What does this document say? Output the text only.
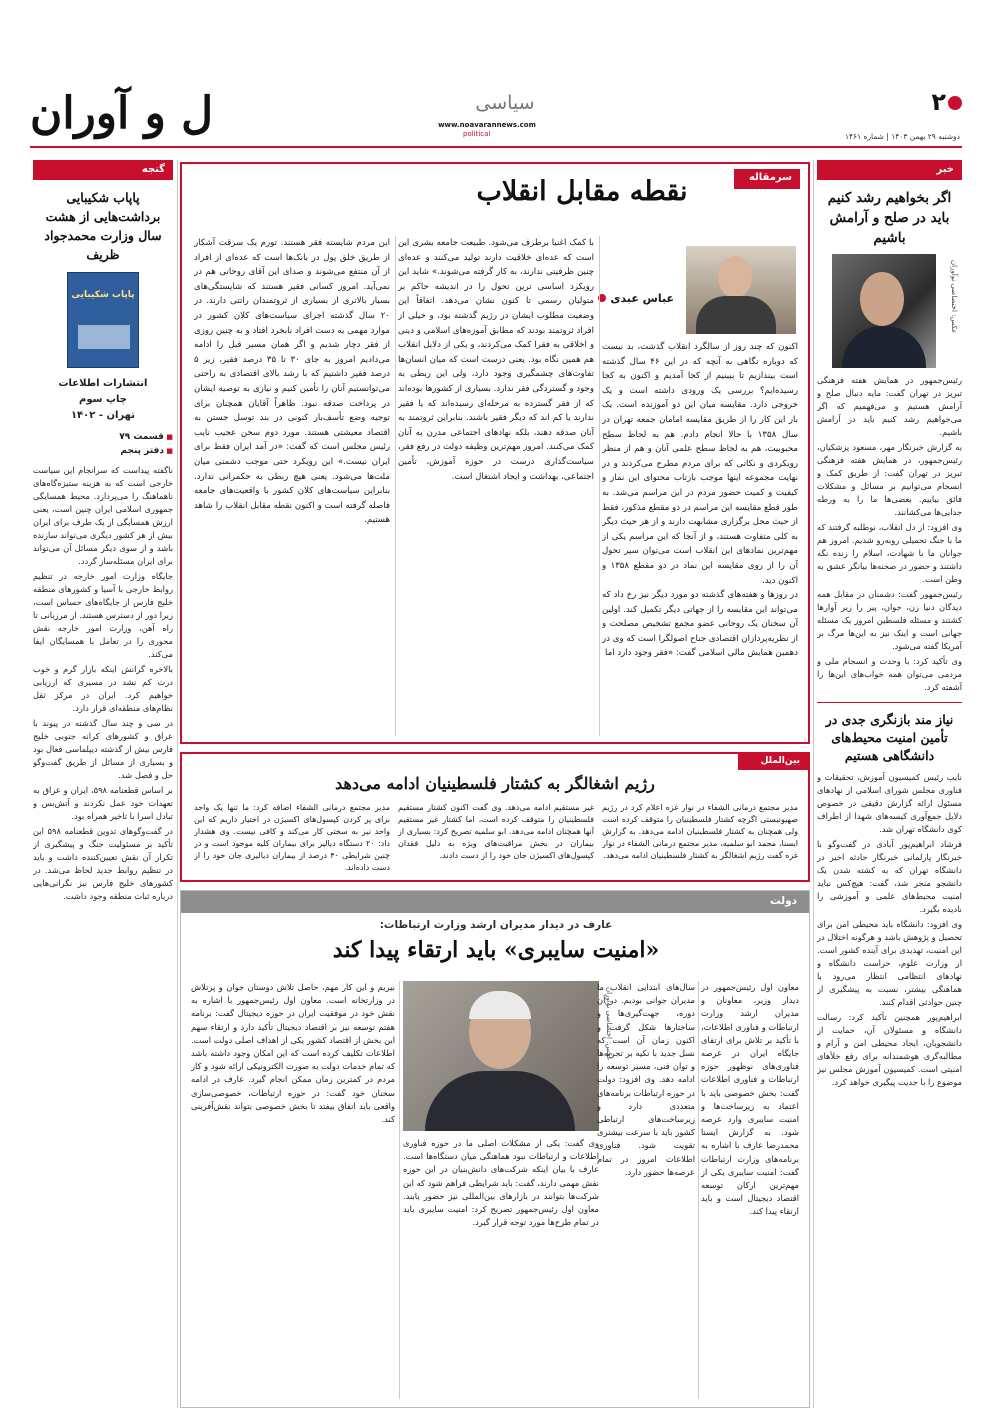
ل و آوران	سیاسی
www.noavarannews.com
political
۲
دوشنبه ۲۹ بهمن ۱۴۰۳ | شماره ۱۴۶۱
خبر
اگر بخواهیم رشد کنیم باید در صلح و آرامش باشیم
عکس: اختصاصی نوآوران

رئیس‌جمهور در همایش هفته فرهنگی تبریز در تهران گفت: مایه دنبال صلح و آرامش هستیم و می‌فهمیم که اگر می‌خواهیم رشد کنیم باید در آرامش باشیم.

به گزارش خبرنگار مهر، مسعود پزشکیان، رئیس‌جمهور، در همایش هفته فرهنگی تبریز در تهران گفت: از طریق کمک و انسجام می‌توانیم بر مسائل و مشکلات فائق بیاییم. بعضی‌ها ما را به ورطه جدایی‌ها می‌کشانند.

وی افزود: از دل انقلاب، نوطلبه گرفتند که ما با جنگ تحمیلی روبه‌رو شدیم. امروز هم جوانان ما با شهادت، اسلام را زنده نگه داشتند و حضور در صحنه‌ها بیانگر عشق به وطن است.

رئیس‌جمهور گفت: دشمنان در مقابل همه دیدگان دنیا زن، جوان، پیر را زیر آوارها کشتند و مسئله فلسطین امروز یک مسئله جهانی است و اینک نیز به این‌ها مرگ بر آمریکا گفته می‌شود.

وی تأکید کرد: با وحدت و انسجام ملی و مردمی می‌توان همه خواب‌های این‌ها را آشفته کرد.

نیاز مند بازنگری جدی در تأمین امنیت محیط‌های دانشگاهی هستیم

نایب رئیس کمیسیون آموزش، تحقیقات و فناوری مجلس شورای اسلامی از نهادهای مسئول ارائه گزارش دقیقی در خصوص دلایل جمع‌آوری کیسه‌های شهدا از اطراف کوی دانشگاه تهران شد.

فرشاد ابراهیم‌پور آبادی در گفت‌وگو با خبرنگار پارلمانی خبرنگار حادثه اخیر در دانشگاه تهران که به کشته شدن یک دانشجو منجر شد، گفت: هیچ‌کس نباید امنیت محیط‌های علمی و آموزشی را نادیده بگیرد.

وی افزود: دانشگاه باید محیطی امن برای تحصیل و پژوهش باشد و هرگونه اختلال در این امنیت، تهدیدی برای آینده کشور است. از وزارت علوم، حراست دانشگاه و نهادهای انتظامی انتظار می‌رود با هماهنگی بیشتر، نسبت به پیشگیری از چنین حوادثی اقدام کنند.

ابراهیم‌پور همچنین تأکید کرد: رسالت دانشگاه و مسئولان آن، حمایت از دانشجویان، ایجاد محیطی امن و آرام و مطالبه‌گری هوشمندانه برای رفع خلأهای امنیتی است. کمیسیون آموزش مجلس نیز موضوع را با جدیت پیگیری خواهد کرد.

گنجه
پاپاب شکیبایی برداشت‌هایی از هشت سال وزارت محمدجواد ظریف
پاپاب شکیبایی
انتشارات اطلاعات
چاپ سوم
تهران - ۱۴۰۲
■ قسمت ۷۹
■ دفتر پنجم

ناگفته پیداست که سرانجام این سیاست خارجی است که به هزینه ستیزه‌گاه‌های ناهماهنگ را می‌پردازد. محیط همسایگی جمهوری اسلامی ایران چنین است، یعنی ارزش همسایگی از یک طرف برای ایران بیش از هر کشور دیگری می‌تواند سازنده باشد و از سوی دیگر مسائل آن می‌تواند برای ایران مسئله‌ساز گردد.

جایگاه وزارت امور خارجه در تنظیم روابط خارجی با آسیا و کشورهای منطقه خلیج فارس از جایگاه‌های حساس است، زیرا دور از دسترس هستند. از مرزبانی تا راه آهن، وزارت امور خارجه نقش محوری را در تعامل با همسایگان ایفا می‌کند.

بالاخره گرانش اینکه بازار گرم و خوب درت کم نشد در مسیری که ارزیابی خواهیم کرد. ایران در مرکز ثقل نظام‌های منطقه‌ای قرار دارد.

در سی و چند سال گذشته در پیوند با عراق و کشورهای کرانه جنوبی خلیج فارس بیش از گذشته دیپلماسی فعال بود و بسیاری از مسائل از طریق گفت‌وگو حل و فصل شد.

بر اساس قطعنامه ۵۹۸، ایران و عراق به تعهدات خود عمل نکردند و آتش‌بس و تبادل اسرا با تاخیر همراه بود.

در گفت‌وگوهای تدوین قطعنامه ۵۹۸ این تأکید بر مسئولیت جنگ و پیشگیری از تکرار آن نقش تعیین‌کننده داشت و باید در تنظیم روابط جدید لحاظ می‌شد. در کشورهای خلیج فارس نیز نگرانی‌هایی درباره ثبات منطقه وجود داشت.

سرمقاله
نقطه مقابل انقلاب
عباس عبدی
اکنون که چند روز از سالگرد انقلاب گذشت، بد نیست که دوباره نگاهی به آنچه که در این ۴۶ سال گذشته است بیندازیم تا ببینیم از کجا آمدیم و اکنون به کجا رسیده‌ایم؟ بررسی یک ورودی داشته است و یک خروجی دارد. مقایسه میان این دو آموزنده است. یک بار این کار را از طریق مقایسه امامان جمعه تهران در سال ۱۳۵۸ با حالا انجام دادم. هم به لحاظ سطح محبوبیت، هم به لحاظ سطح علمی آنان و هم از منظر رویکردی و نکاتی که برای مردم مطرح می‌کردند و در نهایت مجموعه اینها موجب بازتاب محتوای این نماز و کیفیت و کمیت حضور مردم در این مراسم می‌شد. به طور قطع مقایسه این مراسم در دو مقطع مذکور، فقط از حیث محل برگزاری مشابهت دارند و از هر حیث دیگر به کلی متفاوت هستند، و از آنجا که این مراسم یکی از مهم‌ترین نمادهای این انقلاب است می‌توان سیر تحول آن را از روی مقایسه این نماد در دو مقطع ۱۳۵۸ و اکنون دید.
در روزها و هفته‌های گذشته دو مورد دیگر نیز رخ داد که می‌تواند این مقایسه را از جهاتی دیگر تکمیل کند. اولین آن سخنان یک روحانی عضو مجمع تشخیص مصلحت و از نظریه‌پردازان اقتصادی جناح اصولگرا است که وی در دهمین همایش مالی اسلامی گفت: «فقر وجود دارد اما
با کمک اغنیا برطرف می‌شود. طبیعت جامعه بشری این است که عده‌ای خلاقیت دارند تولید می‌کنند و عده‌ای چنین ظرفیتی ندارند، به کار گرفته می‌شوند.» شاید این رویکرد اساسی ترین تحول را در اندیشه حاکم بر متولیان رسمی تا کنون نشان می‌دهد. اتفاقاً این وضعیت مطلوب ایشان در رژیم گذشته بود، و خیلی از افراد ثروتمند بودند که مطابق آموزه‌های اسلامی و دینی و اخلاقی به فقرا کمک می‌کردند، و یکی از دلایل انقلاب هم همین نگاه بود. یعنی درست است که میان انسان‌ها تفاوت‌های چشمگیری وجود دارد، ولی این ربطی به وجود و گستردگی فقر ندارد. بسیاری از کشورها بوده‌اند که از فقر گسترده به مرحله‌ای رسیده‌اند که یا فقیر ندارند یا کم اند که دیگر فقیر باشند. بنابراین ثروتمند به آنان صدقه دهند، بلکه نهادهای اجتماعی مدرن به آنان کمک می‌کنند. امروز مهم‌ترین وظیفه دولت در رفع فقر، سیاست‌گذاری درست در حوزه آموزش، تأمین اجتماعی، بهداشت و ایجاد اشتغال است.
این مردم شایسته فقر هستند. تورم یک سرقت آشکار از طریق خلق پول در بانک‌ها است که عده‌ای از افراد از آن منتفع می‌شوند و صدای این آقای روحانی هم در نمی‌آید. امروز کسانی فقیر هستند که شایستگی‌های بسیار بالاتری از بسیاری از ثروتمندان راتتی دارند. در ۲۰ سال گذشته اجرای سیاست‌های کلان کشور در موارد مهمی به دست افراد نابخرد افتاد و به چنین روزی از فقر دچار شدیم و اگر همان مسیر قبل را ادامه می‌دادیم امروز به جای ۳۰ تا ۳۵ درصد فقیر، زیر ۵ درصد فقیر داشتیم که با رشد بالای اقتصادی به راحتی می‌توانستیم آنان را تأمین کنیم و نیازی به توصیه ایشان در پرداخت صدقه نبود. ظاهراً آقایان همچنان برای توجیه وضع تأسف‌بار کنونی در بند توسل جستن به اقتصاد معیشتی هستند. مورد دوم سخن عجیب نایب رئیس مجلس است که گفت: «در آمد ایران فقط برای ایران نیست.» این رویکرد حتی موجب دشمنی میان ملت‌ها می‌شود. یعنی هیچ ربطی به حکمرانی ندارد. بنابراین سیاست‌های کلان کشور با واقعیت‌های جامعه فاصله گرفته است و اکنون نقطه مقابل انقلاب را شاهد هستیم.
بین‌الملل
رژیم اشغالگر به کشتار فلسطینیان ادامه می‌دهد
مدیر مجتمع درمانی الشفاء در نوار غزه اعلام کرد در رژیم صهیونیستی اگرچه کشتار فلسطینیان را متوقف کرده است ولی همچنان به کشتار فلسطینیان ادامه می‌دهد. به گزارش ایسنا، محمد ابو سلمیه، مدیر مجتمع درمانی الشفاء در نوار غزه گفت رژیم اشغالگر به کشتار فلسطینیان ادامه می‌دهد.
غیر مستقیم ادامه می‌دهد. وی گفت اکنون کشتار مستقیم فلسطینیان را متوقف کرده است، اما کشتار غیر مستقیم آنها همچنان ادامه می‌دهد. ابو سلمیه تصریح کرد: بسیاری از بیماران در بخش مراقبت‌های ویژه به دلیل فقدان کپسول‌های اکسیژن جان خود را از دست دادند.
مدیر مجتمع درمانی الشفاء اضافه کرد: ما تنها یک واحد برای پر کردن کپسول‌های اکسیژن در اختیار داریم که این واحد نیز به سختی کار می‌کند و کافی نیست. وی هشدار داد: ۲۰ دستگاه دیالیز برای بیماران کلیه موجود است و در چنین شرایطی ۴۰ درصد از بیماران دیالیزی جان خود را از دست داده‌اند.
دولت
عارف در دیدار مدیران ارشد وزارت ارتباطات:
«امنیت سایبری» باید ارتقاء پیدا کند
عکس: اختصاصی نوآوران	معاون اول رئیس‌جمهور در دیدار وزیر، معاونان و مدیران ارشد وزارت ارتباطات و فناوری اطلاعات، با تأکید بر تلاش برای ارتقای جایگاه ایران در عرصه فناوری‌های نوظهور حوزه ارتباطات و فناوری اطلاعات گفت: بخش خصوصی باید با اعتماد به زیرساخت‌ها و امنیت سایبری وارد عرصه شود. به گزارش ایسنا محمدرضا عارف با اشاره به برنامه‌های وزارت ارتباطات گفت: امنیت سایبری یکی از مهم‌ترین ارکان توسعه اقتصاد دیجیتال است و باید ارتقاء پیدا کند.
سال‌های ابتدایی انقلاب ما مدیران جوانی بودیم. در آن دوره، جهت‌گیری‌ها و ساختارها شکل گرفت و اکنون زمان آن است که نسل جدید با تکیه بر تجربه‌ها و توان فنی، مسیر توسعه را ادامه دهد. وی افزود: دولت در حوزه ارتباطات برنامه‌های متعددی دارد و زیرساخت‌های ارتباطی کشور باید با سرعت بیشتری تقویت شود. فناوری اطلاعات امروز در تمام عرصه‌ها حضور دارد.
وی گفت: یکی از مشکلات اصلی ما در حوزه فناوری اطلاعات و ارتباطات نبود هماهنگی میان دستگاه‌ها است. عارف با بیان اینکه شرکت‌های دانش‌بنیان در این حوزه نقش مهمی دارند، گفت: باید شرایطی فراهم شود که این شرکت‌ها بتوانند در بازارهای بین‌المللی نیز حضور یابند. معاون اول رئیس‌جمهور تصریح کرد: امنیت سایبری باید در تمام طرح‌ها مورد توجه قرار گیرد.
بیریم و این کار مهم، حاصل تلاش دوستان جوان و پرتلاش در وزارتخانه است. معاون اول رئیس‌جمهور با اشاره به نقش خود در موفقیت ایران در حوزه دیجیتال گفت: برنامه هفتم توسعه نیز بر اقتصاد دیجیتال تأکید دارد و ارتقاء سهم این بخش از اقتصاد کشور یکی از اهداف اصلی دولت است. اطلاعات تکلیف کرده است که این امکان وجود داشته باشد که تمام خدمات دولت به صورت الکترونیکی ارائه شود و کار مردم در کمترین زمان ممکن انجام گیرد. عارف در ادامه سخنان خود گفت: در حوزه ارتباطات، خصوصی‌سازی واقعی باید اتفاق بیفتد تا بخش خصوصی بتواند نقش‌آفرینی کند.
